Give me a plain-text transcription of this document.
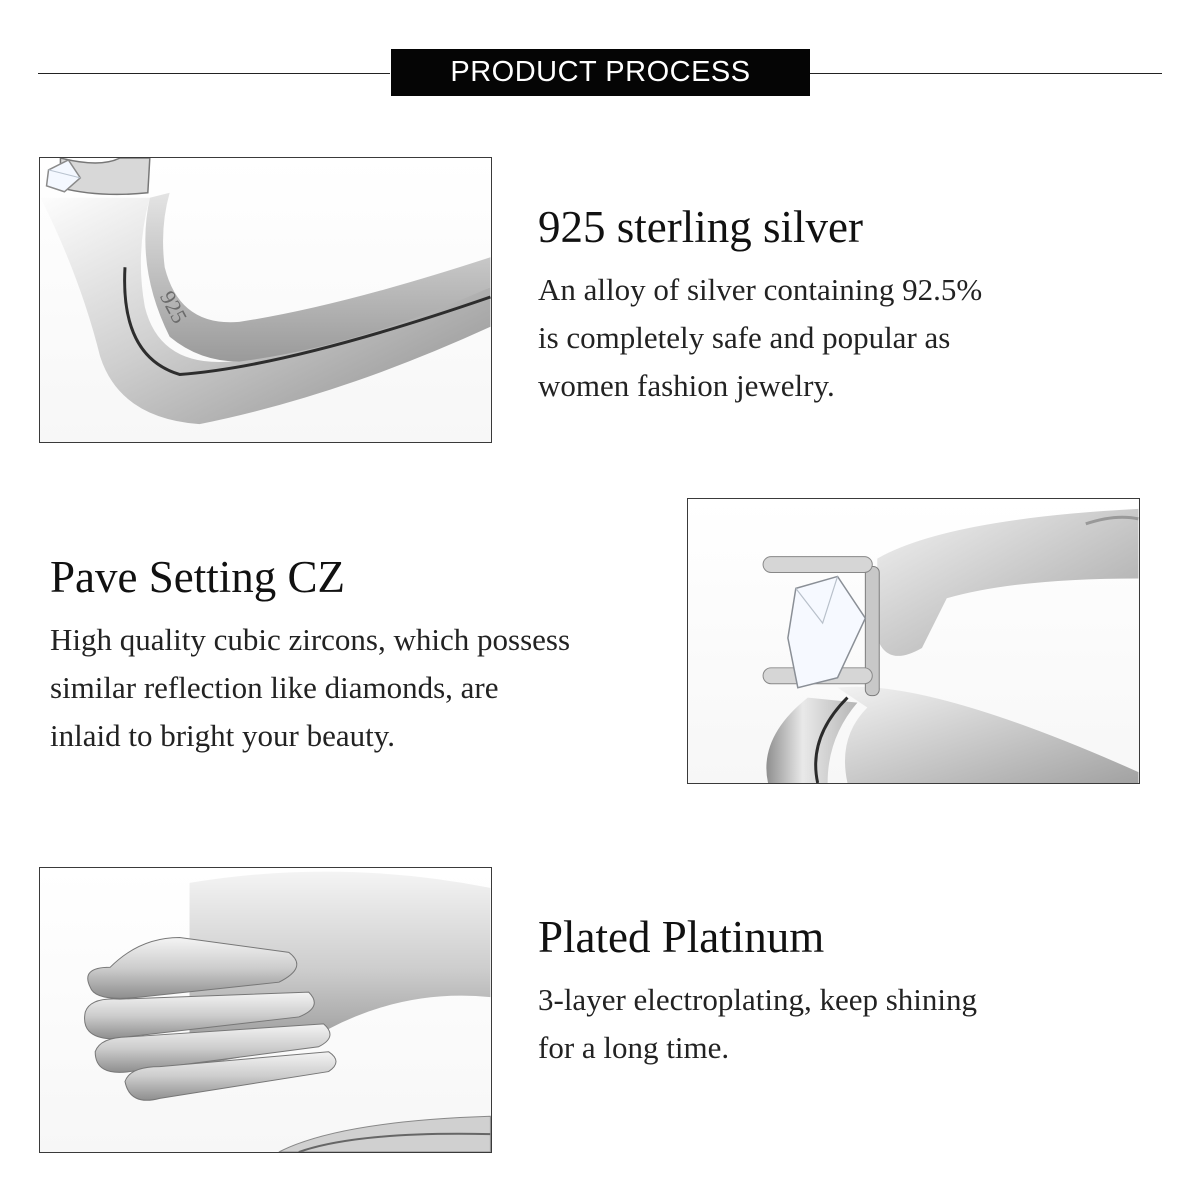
PRODUCT PROCESS
925
925 sterling silver

An alloy of silver containing 92.5%
is completely safe and popular as
women fashion jewelry.

Pave Setting CZ

High quality cubic zircons, which possess
similar reflection like diamonds, are
inlaid to bright your beauty.

Plated Platinum

3-layer electroplating, keep shining
for a long time.
